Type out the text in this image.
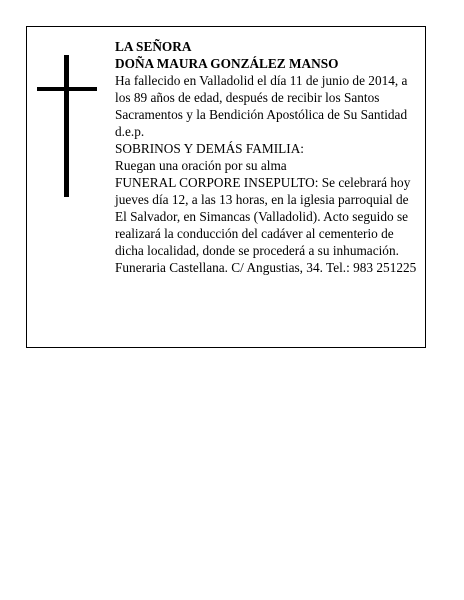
LA SEÑORA

DOÑA MAURA GONZÁLEZ MANSO

Ha fallecido en Valladolid el día 11 de junio de 2014, a los 89 años de edad, después de recibir los Santos Sacramentos y la Bendición Apostólica de Su Santidad d.e.p.

SOBRINOS Y DEMÁS FAMILIA:

Ruegan una oración por su alma

FUNERAL CORPORE INSEPULTO: Se celebrará hoy jueves día 12, a las 13 horas, en la iglesia parroquial de El Salvador, en Simancas (Valladolid). Acto seguido se realizará la conducción del cadáver al cementerio de dicha localidad, donde se procederá a su inhumación.

Funeraria Castellana. C/ Angustias, 34. Tel.: 983 251225
